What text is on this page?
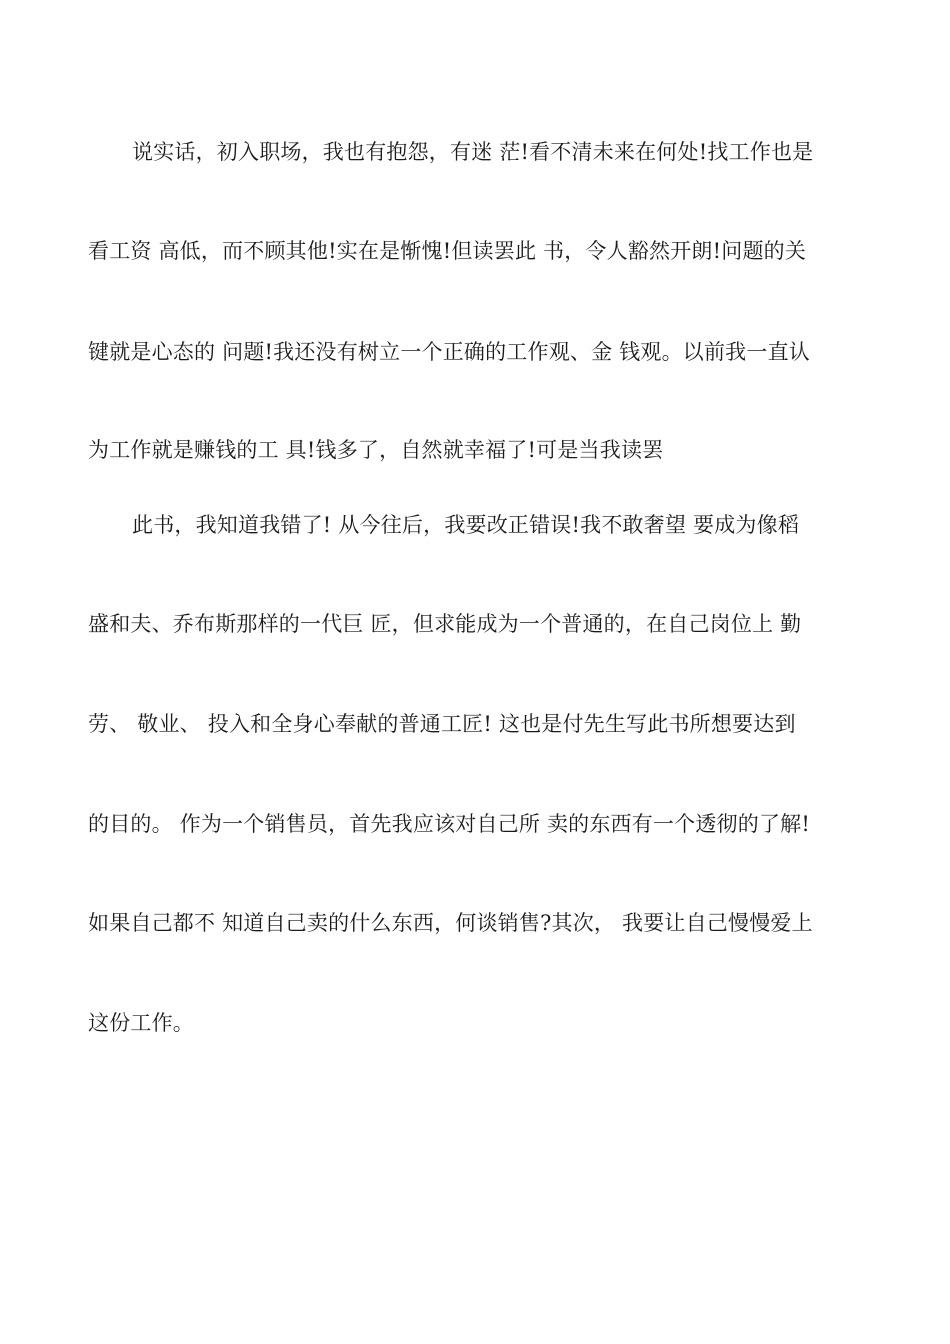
说实话，初入职场，我也有抱怨，有迷 茫!看不清未来在何处!找工作也是
看工资 高低，而不顾其他!实在是惭愧!但读罢此 书，令人豁然开朗!问题的关
键就是心态的 问题!我还没有树立一个正确的工作观、金 钱观。以前我一直认
为工作就是赚钱的工 具!钱多了，自然就幸福了!可是当我读罢
此书，我知道我错了! 从今往后，我要改正错误!我不敢奢望 要成为像稻
盛和夫、乔布斯那样的一代巨 匠，但求能成为一个普通的，在自己岗位上 勤
劳、 敬业、 投入和全身心奉献的普通工匠! 这也是付先生写此书所想要达到
的目的。 作为一个销售员，首先我应该对自己所 卖的东西有一个透彻的了解!
如果自己都不 知道自己卖的什么东西，何谈销售?其次， 我要让自己慢慢爱上
这份工作。
